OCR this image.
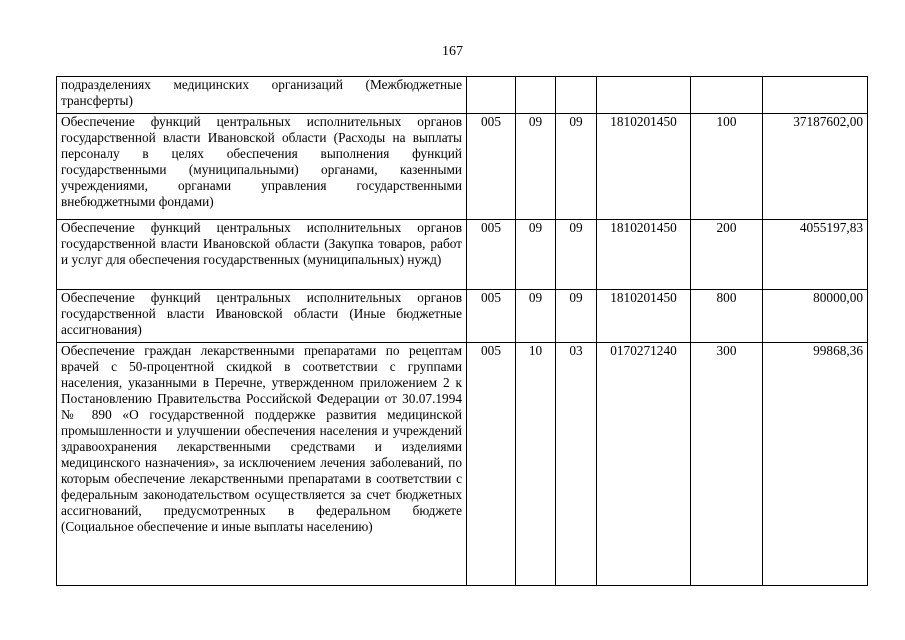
167
подразделениях медицинских организаций (Межбюджетные трансферты)						
Обеспечение функций центральных исполнительных органов государственной власти Ивановской области (Расходы на выплаты персоналу в целях обеспечения выполнения функций государственными (муниципальными) органами, казенными учреждениями, органами управления государственными внебюджетными фондами)	005	09	09	1810201450	100	37187602,00
Обеспечение функций центральных исполнительных органов государственной власти Ивановской области (Закупка товаров, работ и услуг для обеспечения государственных (муниципальных) нужд)	005	09	09	1810201450	200	4055197,83
Обеспечение функций центральных исполнительных органов государственной власти Ивановской области (Иные бюджетные ассигнования)	005	09	09	1810201450	800	80000,00
Обеспечение граждан лекарственными препаратами по рецептам врачей с 50-процентной скидкой в соответствии с группами населения, указанными в Перечне, утвержденном приложением 2 к Постановлению Правительства Российской Федерации от 30.07.1994 № 890 «О государственной поддержке развития медицинской промышленности и улучшении обеспечения населения и учреждений здравоохранения лекарственными средствами и изделиями медицинского назначения», за исключением лечения заболеваний, по которым обеспечение лекарственными препаратами в соответствии с федеральным законодательством осуществляется за счет бюджетных ассигнований, предусмотренных в федеральном бюджете (Социальное обеспечение и иные выплаты населению)	005	10	03	0170271240	300	99868,36
